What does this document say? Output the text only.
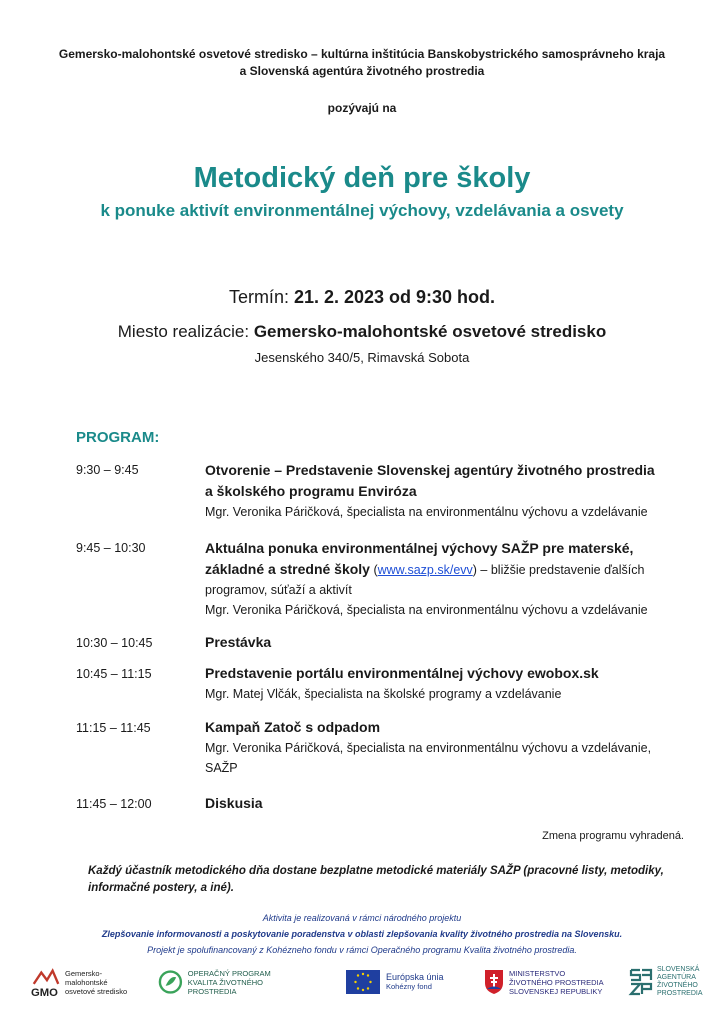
Gemersko-malohontské osvetové stredisko – kultúrna inštitúcia Banskobystrického samosprávneho kraja
a Slovenská agentúra životného prostredia
pozývajú na
Metodický deň pre školy
k ponuke aktivít environmentálnej výchovy, vzdelávania a osvety
Termín: 21. 2. 2023 od 9:30 hod.
Miesto realizácie: Gemersko-malohontské osvetové stredisko
Jesenského 340/5, Rimavská Sobota
PROGRAM:
9:30 – 9:45	Otvorenie – Predstavenie Slovenskej agentúry životného prostredia
a školského programu Enviróza
Mgr. Veronika Páričková, špecialista na environmentálnu výchovu a vzdelávanie
9:45 – 10:30	Aktuálna ponuka environmentálnej výchovy SAŽP pre materské,
základné a stredné školy (www.sazp.sk/evv) – bližšie predstavenie ďalších
programov, súťaží a aktivít
Mgr. Veronika Páričková, špecialista na environmentálnu výchovu a vzdelávanie
10:30 – 10:45	Prestávka
10:45 – 11:15	Predstavenie portálu environmentálnej výchovy ewobox.sk
Mgr. Matej Vlčák, špecialista na školské programy a vzdelávanie
11:15 – 11:45	Kampaň Zatoč s odpadom
Mgr. Veronika Páričková, špecialista na environmentálnu výchovu a vzdelávanie,
SAŽP
11:45 – 12:00	Diskusia
Zmena programu vyhradená.
Každý účastník metodického dňa dostane bezplatne metodické materiály SAŽP (pracovné listy, metodiky,
informačné postery, a iné).
Aktivita je realizovaná v rámci národného projektu
Zlepšovanie informovanosti a poskytovanie poradenstva v oblasti zlepšovania kvality životného prostredia na Slovensku.
Projekt je spolufinancovaný z Kohézneho fondu v rámci Operačného programu Kvalita životného prostredia.
GMO
Gemersko-malohontské
osvetové stredisko
OPERAČNÝ PROGRAM
KVALITA ŽIVOTNÉHO PROSTREDIA
Európska únia
Kohézny fond
MINISTERSTVO
ŽIVOTNÉHO PROSTREDIA
SLOVENSKEJ REPUBLIKY
SLOVENSKÁ
AGENTÚRA
ŽIVOTNÉHO
PROSTREDIA
